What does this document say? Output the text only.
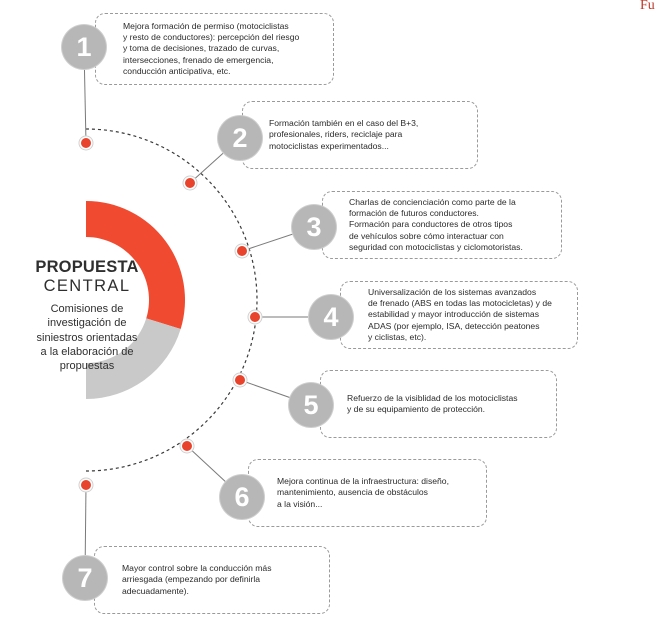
Fu
PROPUESTA
CENTRAL
Comisiones de
investigación de
siniestros orientadas
a la elaboración de
propuestas
Mejora formación de permiso (motociclistas
y resto de conductores): percepción del riesgo
y toma de decisiones, trazado de curvas,
intersecciones, frenado de emergencia,
conducción anticipativa, etc.
Formación también en el caso del B+3,
profesionales, riders, reciclaje para
motociclistas experimentados...
Charlas de concienciación como parte de la
formación de futuros conductores.
Formación para conductores de otros tipos
de vehículos sobre cómo interactuar con
seguridad con motociclistas y ciclomotoristas.
Universalización de los sistemas avanzados
de frenado (ABS en todas las motocicletas) y de
estabilidad y mayor introducción de sistemas
ADAS (por ejemplo, ISA, detección peatones
y ciclistas, etc).
Refuerzo de la visiblidad de los motociclistas
y de su equipamiento de protección.
Mejora continua de la infraestructura: diseño,
mantenimiento, ausencia de obstáculos
a la visión...
Mayor control sobre la conducción más
arriesgada (empezando por definirla
adecuadamente).
1
2
3
4
5
6
7
